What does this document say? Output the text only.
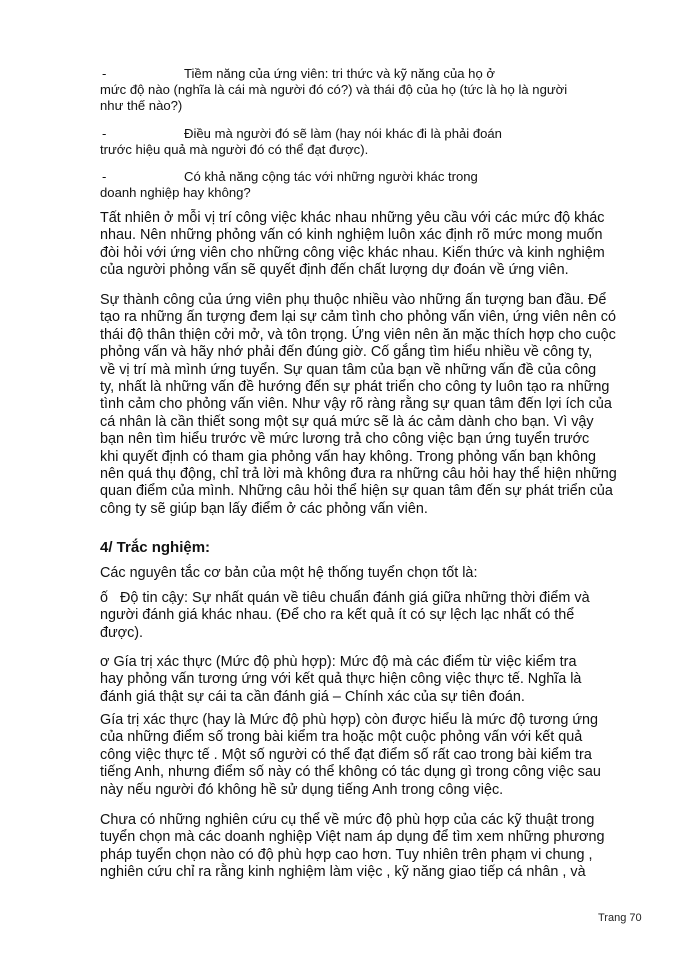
-	Tiềm năng của ứng viên: tri thức và kỹ năng của họ ở
mức độ nào (nghĩa là cái mà người đó có?) và thái độ của họ (tức là họ là người
như thế nào?)
-	Điều mà người đó sẽ làm (hay nói khác đi là phải đoán
trước hiệu quả mà người đó có thể đạt được).
-	Có khả năng cộng tác với những người khác trong
doanh nghiệp hay không?
Tất nhiên ở mỗi vị trí công việc khác nhau những yêu cầu với các mức độ khác
nhau. Nên những phỏng vấn có kinh nghiệm luôn xác định rõ mức mong muốn
đòi hỏi với ứng viên cho những công việc khác nhau. Kiến thức và kinh nghiệm
của người phỏng vấn sẽ quyết định đến chất lượng dự đoán về ứng viên.
Sự thành công của ứng viên phụ thuộc nhiều vào những ấn tượng ban đầu. Để
tạo ra những ấn tượng đem lại sự cảm tình cho phỏng vấn viên, ứng viên nên có
thái độ thân thiện cởi mở, và tôn trọng. Ứng viên nên ăn mặc thích hợp cho cuộc
phỏng vấn và hãy nhớ phải đến đúng giờ. Cố gắng tìm hiểu nhiều về công ty,
về vị trí mà mình ứng tuyển. Sự quan tâm của bạn về những vấn đề của công
ty, nhất là những vấn đề hướng đến sự phát triển cho công ty luôn tạo ra những
tình cảm cho phỏng vấn viên. Như vậy rõ ràng rằng sự quan tâm đến lợi ích của
cá nhân là cần thiết song một sự quá mức sẽ là ác cảm dành cho bạn. Vì vậy
bạn nên tìm hiểu trước về mức lương trả cho công việc bạn ứng tuyển trước
khi quyết định có tham gia phỏng vấn hay không. Trong phỏng vấn bạn không
nên quá thụ động, chỉ trả lời mà không đưa ra những câu hỏi hay thể hiện những
quan điểm của mình. Những câu hỏi thể hiện sự quan tâm đến sự phát triển của
công ty sẽ giúp bạn lấy điểm ở các phỏng vấn viên.
4/ Trắc nghiệm:
Các nguyên tắc cơ bản của một hệ thống tuyển chọn tốt là:
ố Độ tin cậy: Sự nhất quán về tiêu chuẩn đánh giá giữa những thời điểm và
người đánh giá khác nhau. (Để cho ra kết quả ít có sự lệch lạc nhất có thể
được).
ơ Gía trị xác thực (Mức độ phù hợp): Mức độ mà các điểm từ việc kiểm tra
hay phỏng vấn tương ứng với kết quả thực hiện công việc thực tế. Nghĩa là
đánh giá thật sự cái ta cần đánh giá – Chính xác của sự tiên đoán.
Gía trị xác thực (hay là Mức độ phù hợp) còn được hiểu là mức độ tương ứng
của những điểm số trong bài kiểm tra hoặc một cuộc phỏng vấn với kết quả
công việc thực tế . Một số người có thể đạt điểm số rất cao trong bài kiểm tra
tiếng Anh, nhưng điểm số này có thể không có tác dụng gì trong công việc sau
này nếu người đó không hề sử dụng tiếng Anh trong công việc.
Chưa có những nghiên cứu cụ thể về mức độ phù hợp của các kỹ thuật trong
tuyển chọn mà các doanh nghiệp Việt nam áp dụng để tìm xem những phương
pháp tuyển chọn nào có độ phù hợp cao hơn. Tuy nhiên trên phạm vi chung ,
nghiên cứu chỉ ra rằng kinh nghiệm làm việc , kỹ năng giao tiếp cá nhân , và
Trang 70
